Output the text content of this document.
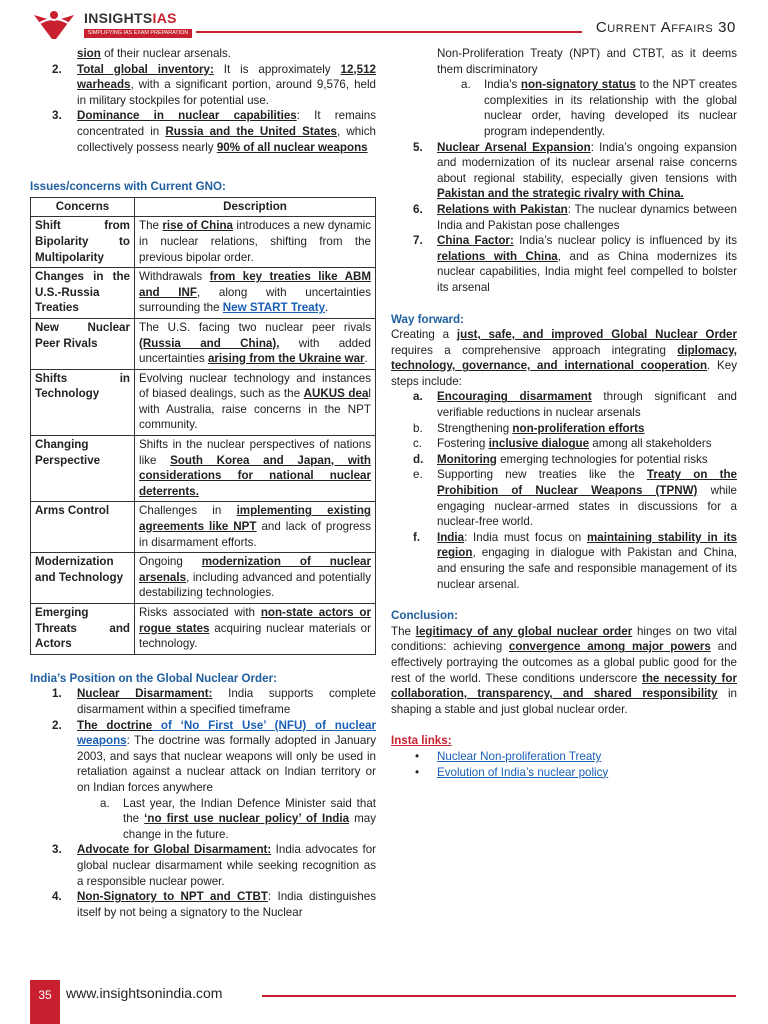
INSIGHTSIAS
SIMPLIFYING IAS EXAM PREPARATION	Current Affairs 30
sion of their nuclear arsenals.
2. Total global inventory: It is approximately 12,512 warheads, with a significant portion, around 9,576, held in military stockpiles for potential use.
3. Dominance in nuclear capabilities: It remains concentrated in Russia and the United States, which collectively possess nearly 90% of all nuclear weapons

Issues/concerns with Current GNO:

Concerns	Description
Shift from Bipolarity to Multipolarity	The rise of China introduces a new dynamic in nuclear relations, shifting from the previous bipolar order.
Changes in the U.S.-Russia Treaties	Withdrawals from key treaties like ABM and INF, along with uncertainties surrounding the New START Treaty.
New Nuclear Peer Rivals	The U.S. facing two nuclear peer rivals (Russia and China), with added uncertainties arising from the Ukraine war.
Shifts in Technology	Evolving nuclear technology and instances of biased dealings, such as the AUKUS deal with Australia, raise concerns in the NPT community.
Changing Perspective	Shifts in the nuclear perspectives of nations like South Korea and Japan, with considerations for national nuclear deterrents.
Arms Control	Challenges in implementing existing agreements like NPT and lack of progress in disarmament efforts.
Modernization and Technology	Ongoing modernization of nuclear arsenals, including advanced and potentially destabilizing technologies.
Emerging Threats and Actors	Risks associated with non-state actors or rogue states acquiring nuclear materials or technology.

India’s Position on the Global Nuclear Order:

1. Nuclear Disarmament: India supports complete disarmament within a specified timeframe
2. The doctrine of ‘No First Use’ (NFU) of nuclear weapons: The doctrine was formally adopted in January 2003, and says that nuclear weapons will only be used in retaliation against a nuclear attack on Indian territory or on Indian forces anywhere
a. Last year, the Indian Defence Minister said that the ‘no first use nuclear policy’ of India may change in the future.
3. Advocate for Global Disarmament: India advocates for global nuclear disarmament while seeking recognition as a responsible nuclear power.
4. Non-Signatory to NPT and CTBT: India distinguishes itself by not being a signatory to the Nuclear

Non-Proliferation Treaty (NPT) and CTBT, as it deems them discriminatory

a. India’s non-signatory status to the NPT creates complexities in its relationship with the global nuclear order, having developed its nuclear program independently.
5. Nuclear Arsenal Expansion: India’s ongoing expansion and modernization of its nuclear arsenal raise concerns about regional stability, especially given tensions with Pakistan and the strategic rivalry with China.
6. Relations with Pakistan: The nuclear dynamics between India and Pakistan pose challenges
7. China Factor: India’s nuclear policy is influenced by its relations with China, and as China modernizes its nuclear capabilities, India might feel compelled to bolster its arsenal

Way forward:

Creating a just, safe, and improved Global Nuclear Order requires a comprehensive approach integrating diplomacy, technology, governance, and international cooperation. Key steps include:

a. Encouraging disarmament through significant and verifiable reductions in nuclear arsenals
b. Strengthening non-proliferation efforts
c. Fostering inclusive dialogue among all stakeholders
d. Monitoring emerging technologies for potential risks
e. Supporting new treaties like the Treaty on the Prohibition of Nuclear Weapons (TPNW) while engaging nuclear-armed states in discussions for a nuclear-free world.
f. India: India must focus on maintaining stability in its region, engaging in dialogue with Pakistan and China, and ensuring the safe and responsible management of its nuclear arsenal.

Conclusion:

The legitimacy of any global nuclear order hinges on two vital conditions: achieving convergence among major powers and effectively portraying the outcomes as a global public good for the rest of the world. These conditions underscore the necessity for collaboration, transparency, and shared responsibility in shaping a stable and just global nuclear order.

Insta links:

• Nuclear Non-proliferation Treaty
• Evolution of India’s nuclear policy
35	www.insightsonindia.com
